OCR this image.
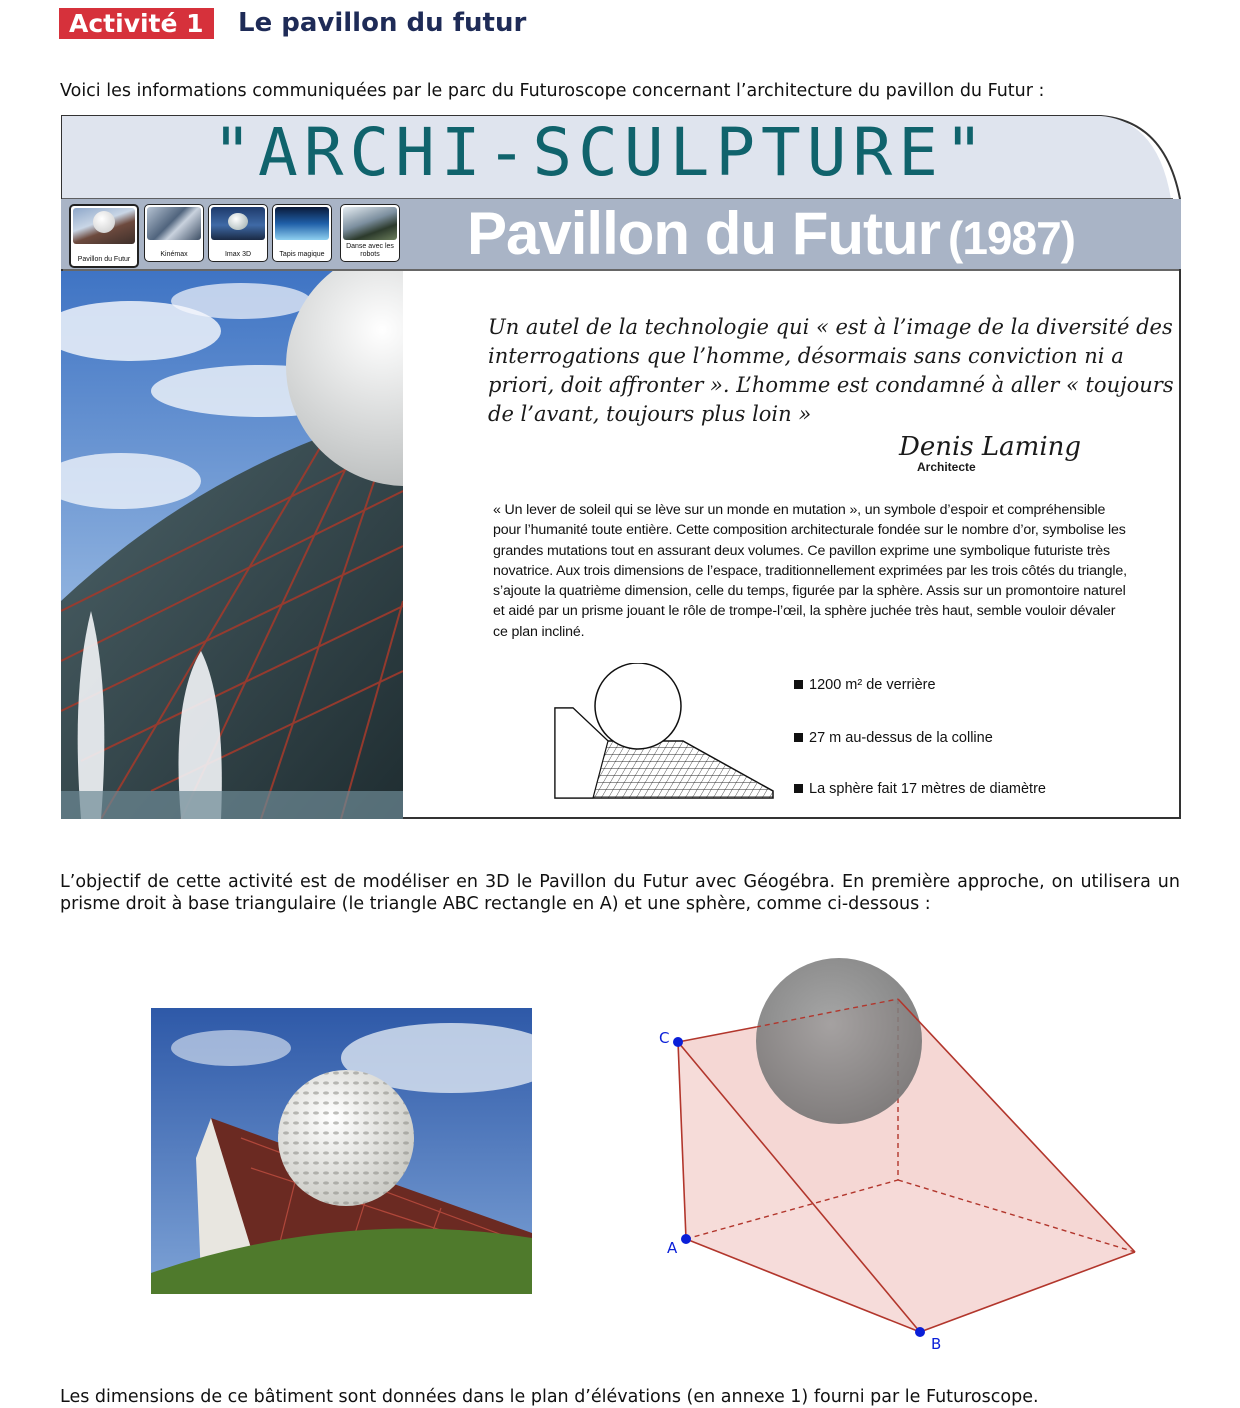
Activité 1	Le pavillon du futur
Voici les informations communiquées par le parc du Futuroscope concernant l’architecture du pavillon du Futur :
"ARCHI-SCULPTURE"
Pavillon du Futur
Kinémax	Imax 3D	Tapis magique
Danse avec les robots	Pavillon du Futur (1987)
Un autel de la technologie qui « est à l’image de la diversité des interrogations que l’homme, désormais sans conviction ni a priori, doit affronter ». L’homme est condamné à aller « toujours de l’avant, toujours plus loin »
Denis Laming
Architecte
« Un lever de soleil qui se lève sur un monde en mutation », un symbole d’espoir et compréhensible pour l’humanité toute entière. Cette composition architecturale fondée sur le nombre d’or, symbolise les grandes mutations tout en assurant deux volumes. Ce pavillon exprime une symbolique futuriste très novatrice. Aux trois dimensions de l’espace, traditionnellement exprimées par les trois côtés du triangle, s’ajoute la quatrième dimension, celle du temps, figurée par la sphère. Assis sur un promontoire naturel et aidé par un prisme jouant le rôle de trompe-l’œil, la sphère juchée très haut, semble vouloir dévaler ce plan incliné.
1200 m² de verrière
27 m au-dessus de la colline
La sphère fait 17 mètres de diamètre
L’objectif de cette activité est de modéliser en 3D le Pavillon du Futur avec Géogébra. En première approche, on utilisera un prisme droit à base triangulaire (le triangle ABC rectangle en A) et une sphère, comme ci-dessous :
C
A
B
Les dimensions de ce bâtiment sont données dans le plan d’élévations (en annexe 1) fourni par le Futuroscope.
